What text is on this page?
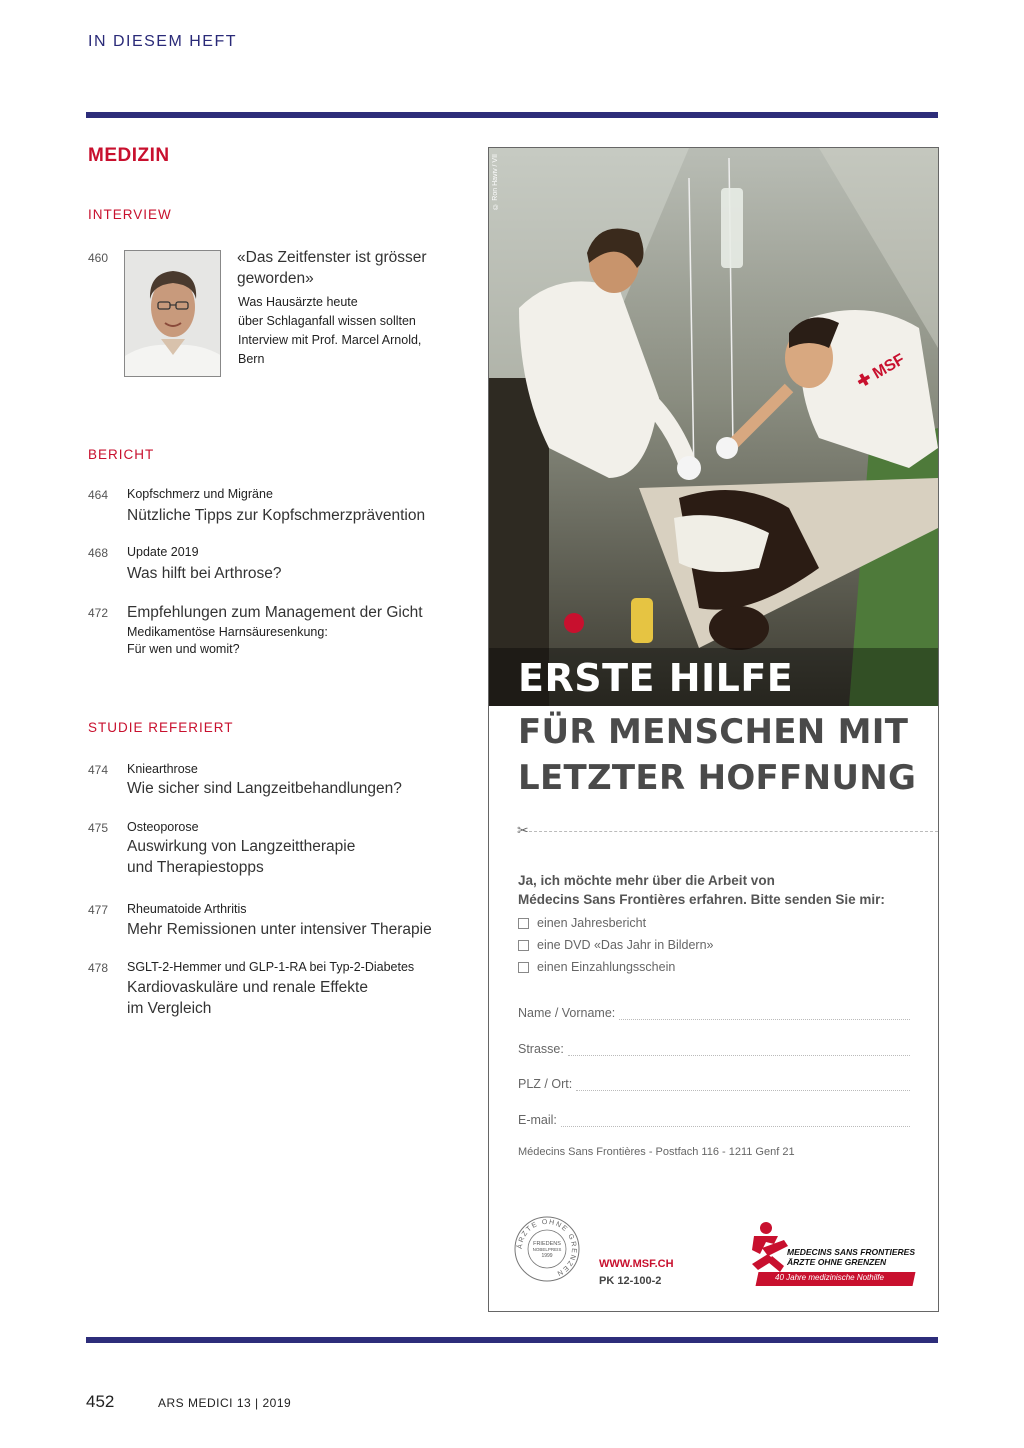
IN DIESEM HEFT
MEDIZIN
INTERVIEW
460	«Das Zeitfenster ist grösser
geworden»
Was Hausärzte heute
über Schlaganfall wissen sollten
Interview mit Prof. Marcel Arnold,
Bern
BERICHT
464 Kopfschmerz und Migräne
Nützliche Tipps zur Kopfschmerzprävention
468 Update 2019
Was hilft bei Arthrose?
472 Empfehlungen zum Management der Gicht
Medikamentöse Harnsäuresenkung:
Für wen und womit?
STUDIE REFERIERT
474 Kniearthrose
Wie sicher sind Langzeitbehandlungen?
475 Osteoporose
Auswirkung von Langzeittherapie
und Therapiestopps
477 Rheumatoide Arthritis
Mehr Remissionen unter intensiver Therapie
478 SGLT-2-Hemmer und GLP-1-RA bei Typ-2-Diabetes
Kardiovaskuläre und renale Effekte
im Vergleich
✚ MSF
© Ron Haviv / VII
ERSTE HILFE
FÜR MENSCHEN MIT
LETZTER HOFFNUNG
✂
Ja, ich möchte mehr über die Arbeit von
Médecins Sans Frontières erfahren. Bitte senden Sie mir:
einen Jahresbericht
eine DVD «Das Jahr in Bildern»
einen Einzahlungsschein
Name / Vorname:
Strasse:
PLZ / Ort:
E-mail:
Médecins Sans Frontières - Postfach 116 - 1211 Genf 21
ÄRZTE OHNE GRENZEN
FRIEDENS
NOBELPREIS
1999
WWW.MSF.CH
PK 12-100-2
MEDECINS SANS FRONTIERES
ÄRZTE OHNE GRENZEN
40 Jahre medizinische Nothilfe
452	ARS MEDICI 13 | 2019
